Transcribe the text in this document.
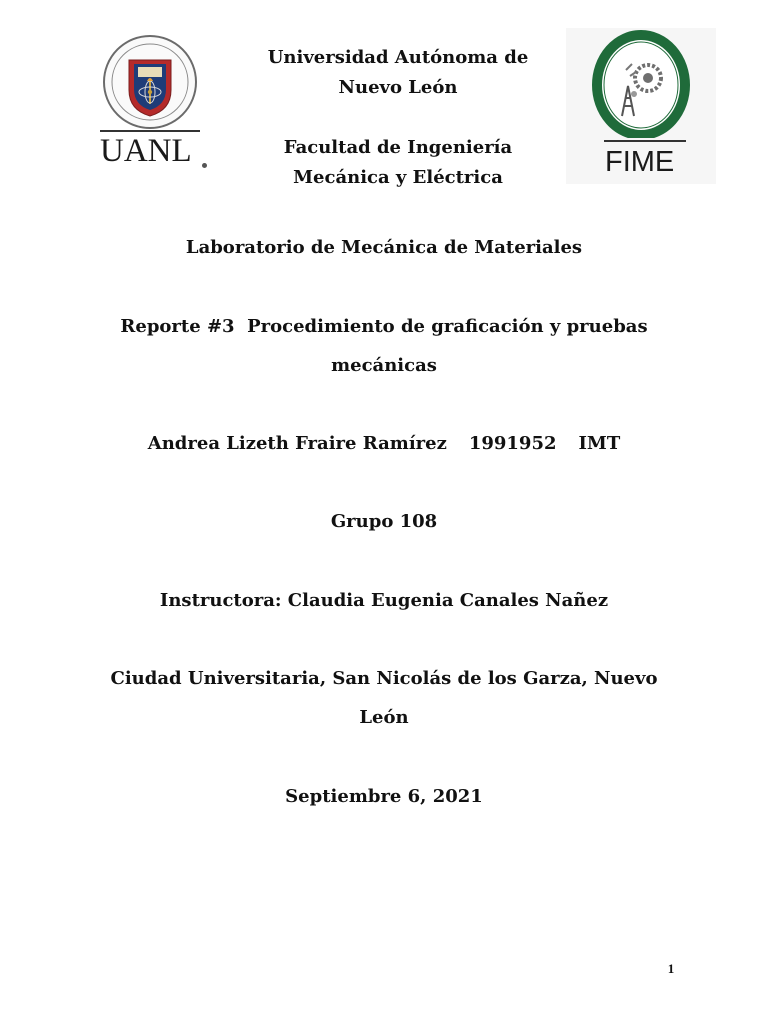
UANL	FIME
Universidad Autónoma de
Nuevo León
Facultad de Ingeniería
Mecánica y Eléctrica
Laboratorio de Mecánica de Materiales
Reporte #3  Procedimiento de graficación y pruebas
mecánicas
Andrea Lizeth Fraire Ramírez 1991952 IMT
Grupo 108
Instructora: Claudia Eugenia Canales Nañez
Ciudad Universitaria, San Nicolás de los Garza, Nuevo
León
Septiembre 6, 2021
1
